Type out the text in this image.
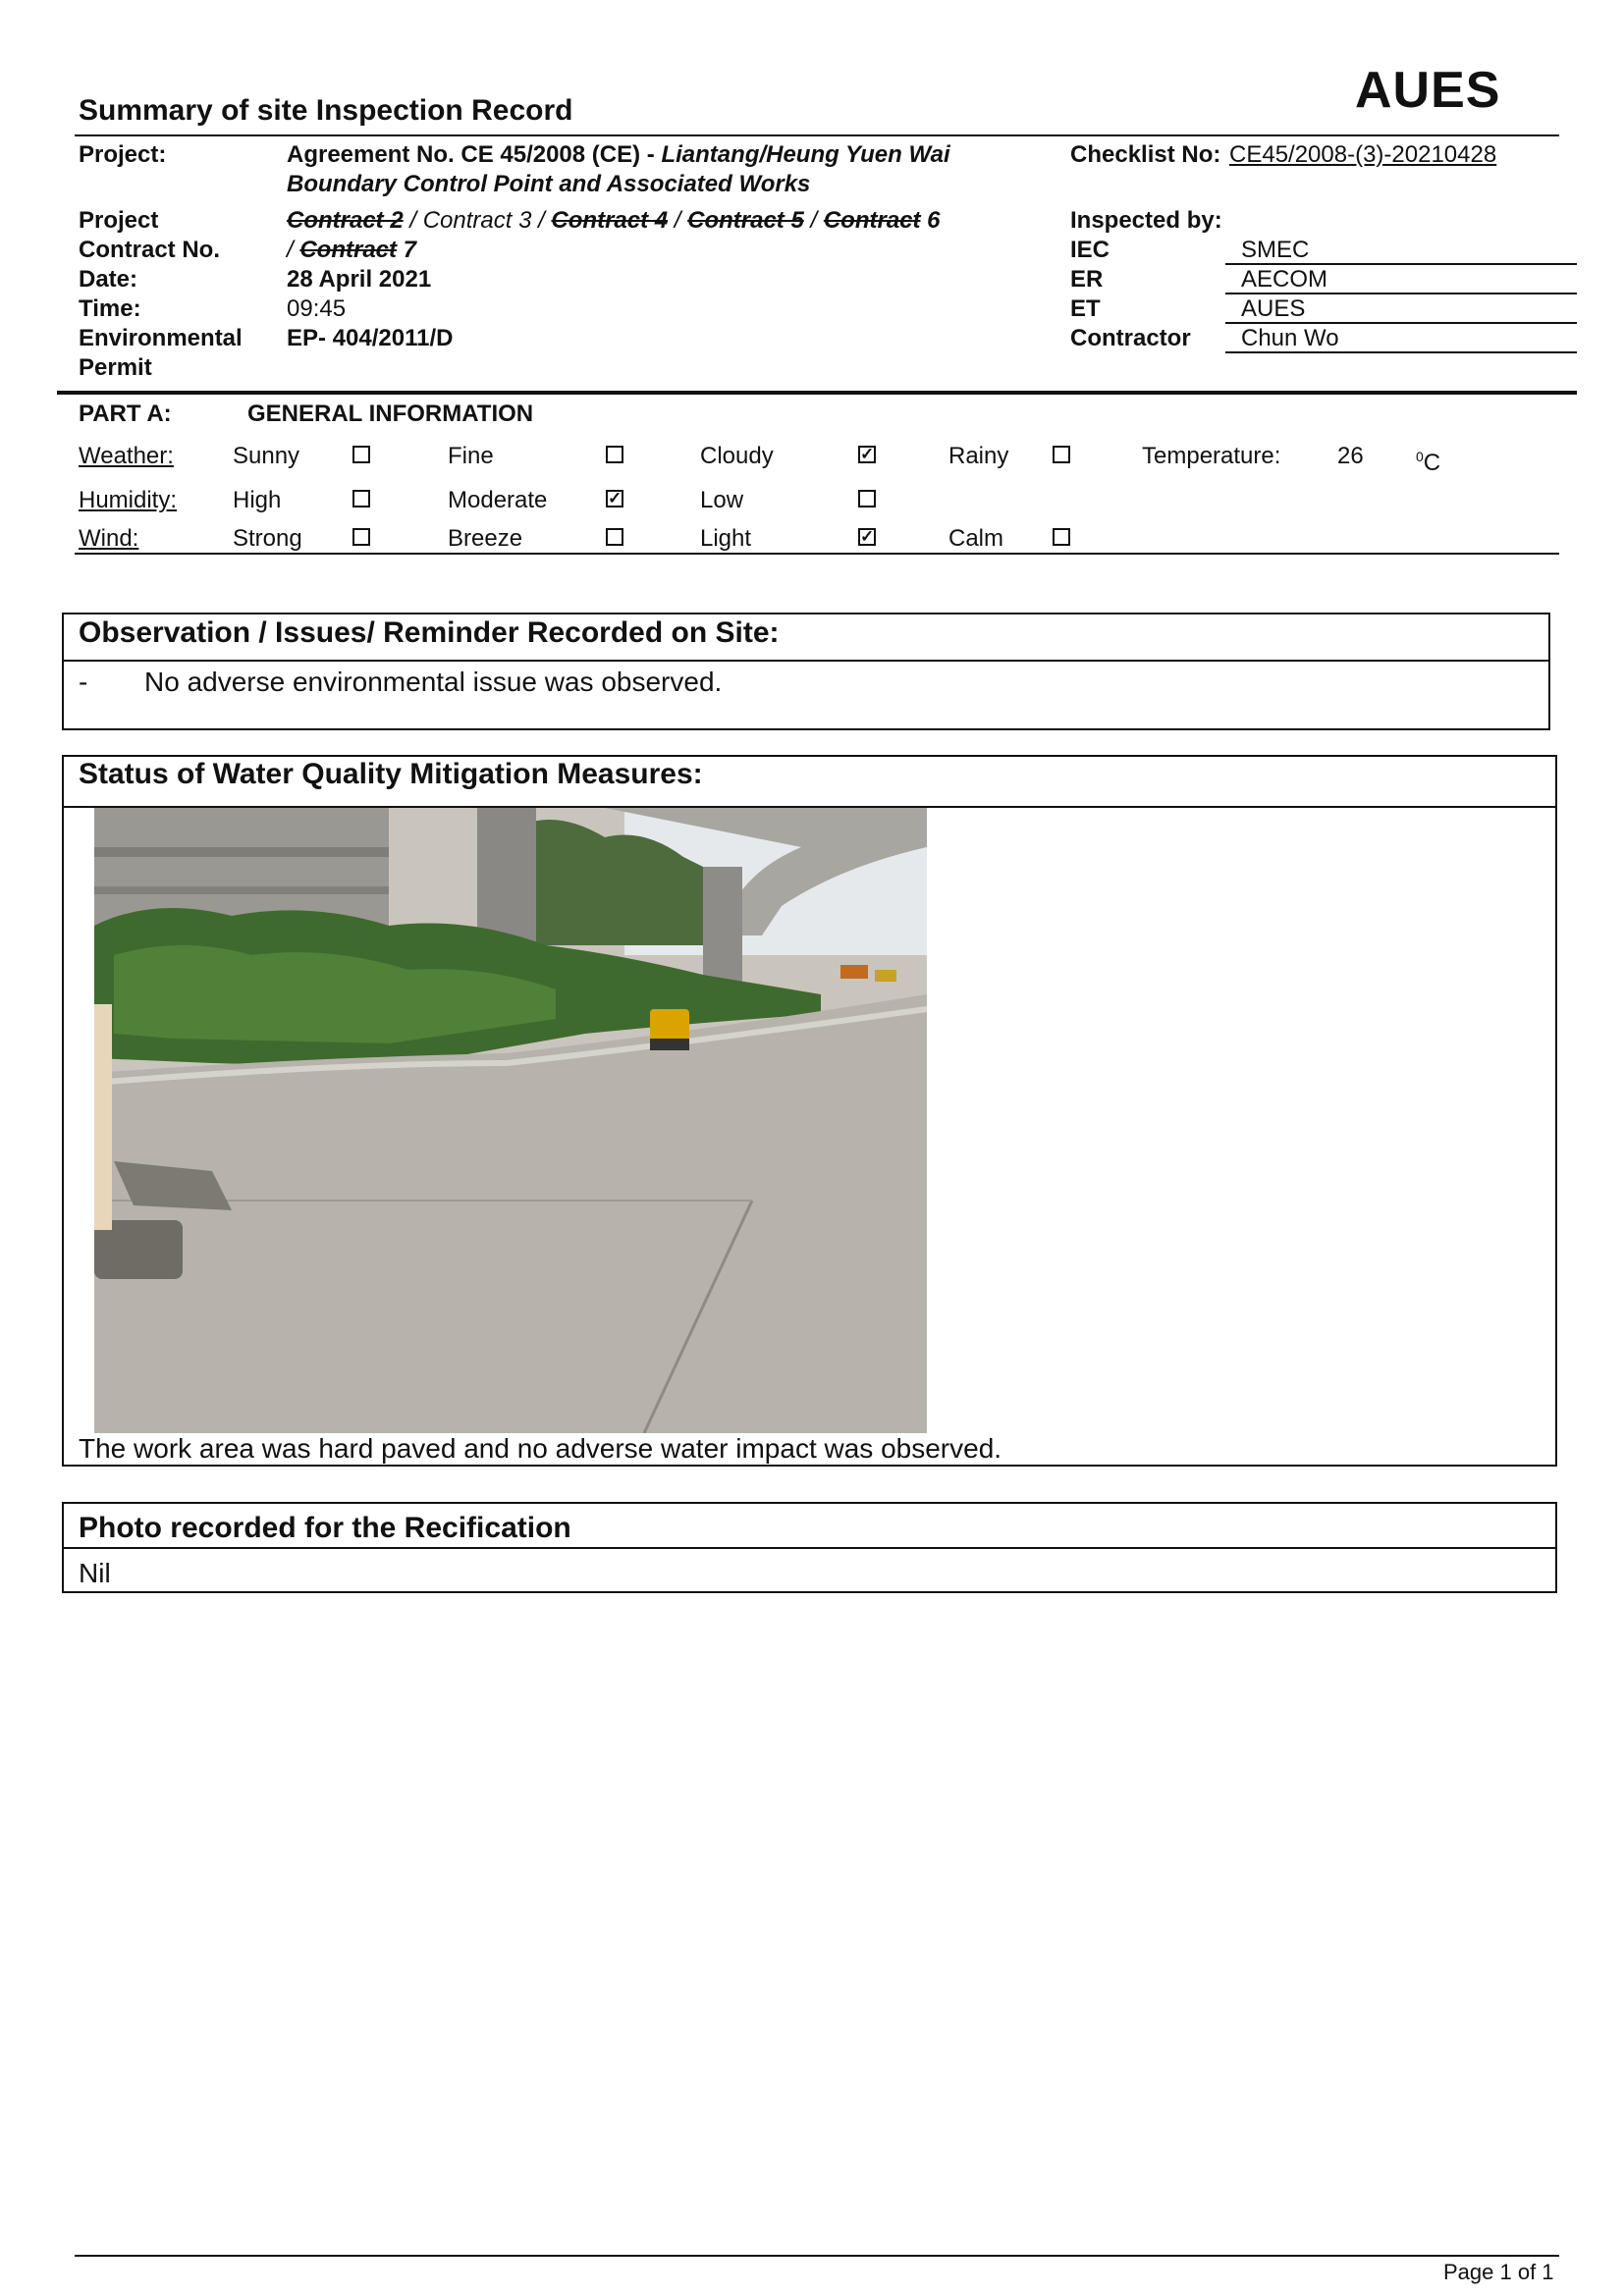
AUES
Summary of site Inspection Record
Project:	Agreement No. CE 45/2008 (CE) - Liantang/Heung Yuen Wai
Boundary Control Point and Associated Works
Project
Contract No.
Contract 2 / Contract 3 / Contract 4 / Contract 5 / Contract 6
/ Contract 7
Date:	28 April 2021
Time:	09:45
Environmental
Permit
EP- 404/2011/D
Checklist No: CE45/2008-(3)-20210428
Inspected by:
IEC	SMEC
ER	AECOM
ET	AUES
Contractor Chun Wo
PART A:	GENERAL INFORMATION
Weather:	Sunny	Fine	Cloudy	✓	Rainy	Temperature: 26	$^0$C
Humidity: High	Moderate	✓	Low
Wind:	Strong	Breeze	Light	✓	Calm
Observation / Issues/ Reminder Recorded on Site:
- No adverse environmental issue was observed.
Status of Water Quality Mitigation Measures:
The work area was hard paved and no adverse water impact was observed.
Photo recorded for the Recification
Nil
Page 1 of 1
